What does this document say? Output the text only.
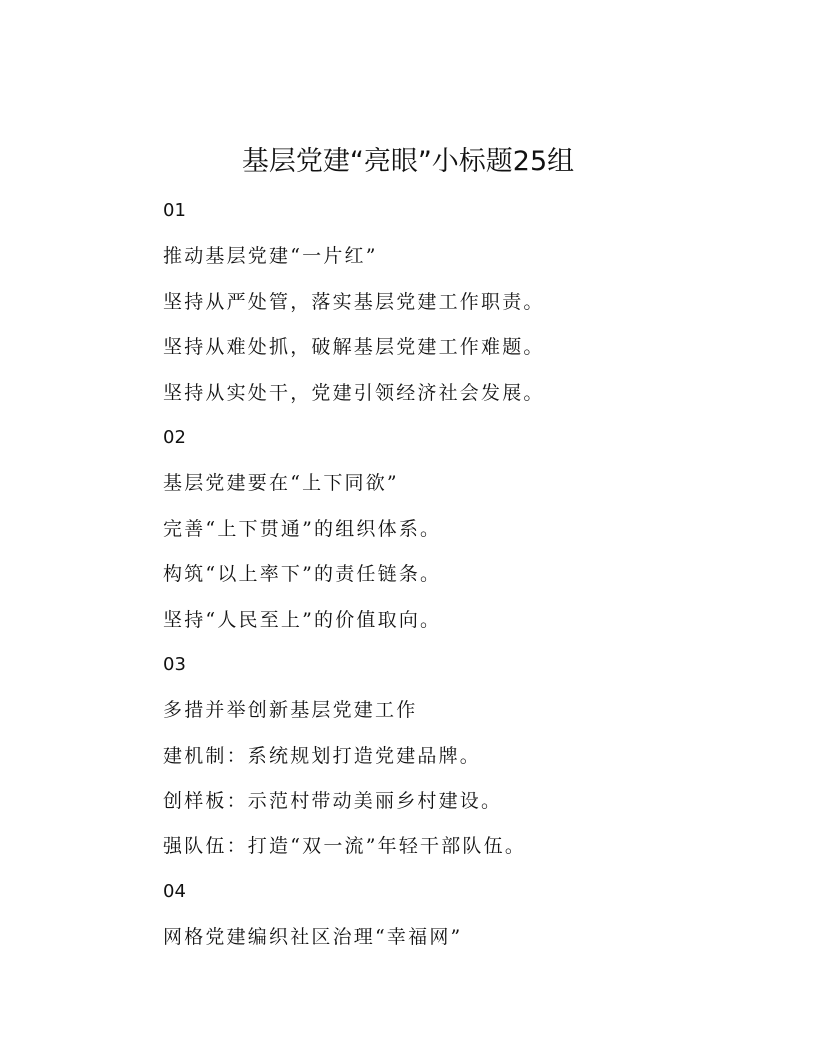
基层党建“亮眼”小标题25组
01
推动基层党建“一片红”
坚持从严处管，落实基层党建工作职责。
坚持从难处抓，破解基层党建工作难题。
坚持从实处干，党建引领经济社会发展。
02
基层党建要在“上下同欲”
完善“上下贯通”的组织体系。
构筑“以上率下”的责任链条。
坚持“人民至上”的价值取向。
03
多措并举创新基层党建工作
建机制：系统规划打造党建品牌。
创样板：示范村带动美丽乡村建设。
强队伍：打造“双一流”年轻干部队伍。
04
网格党建编织社区治理“幸福网”
